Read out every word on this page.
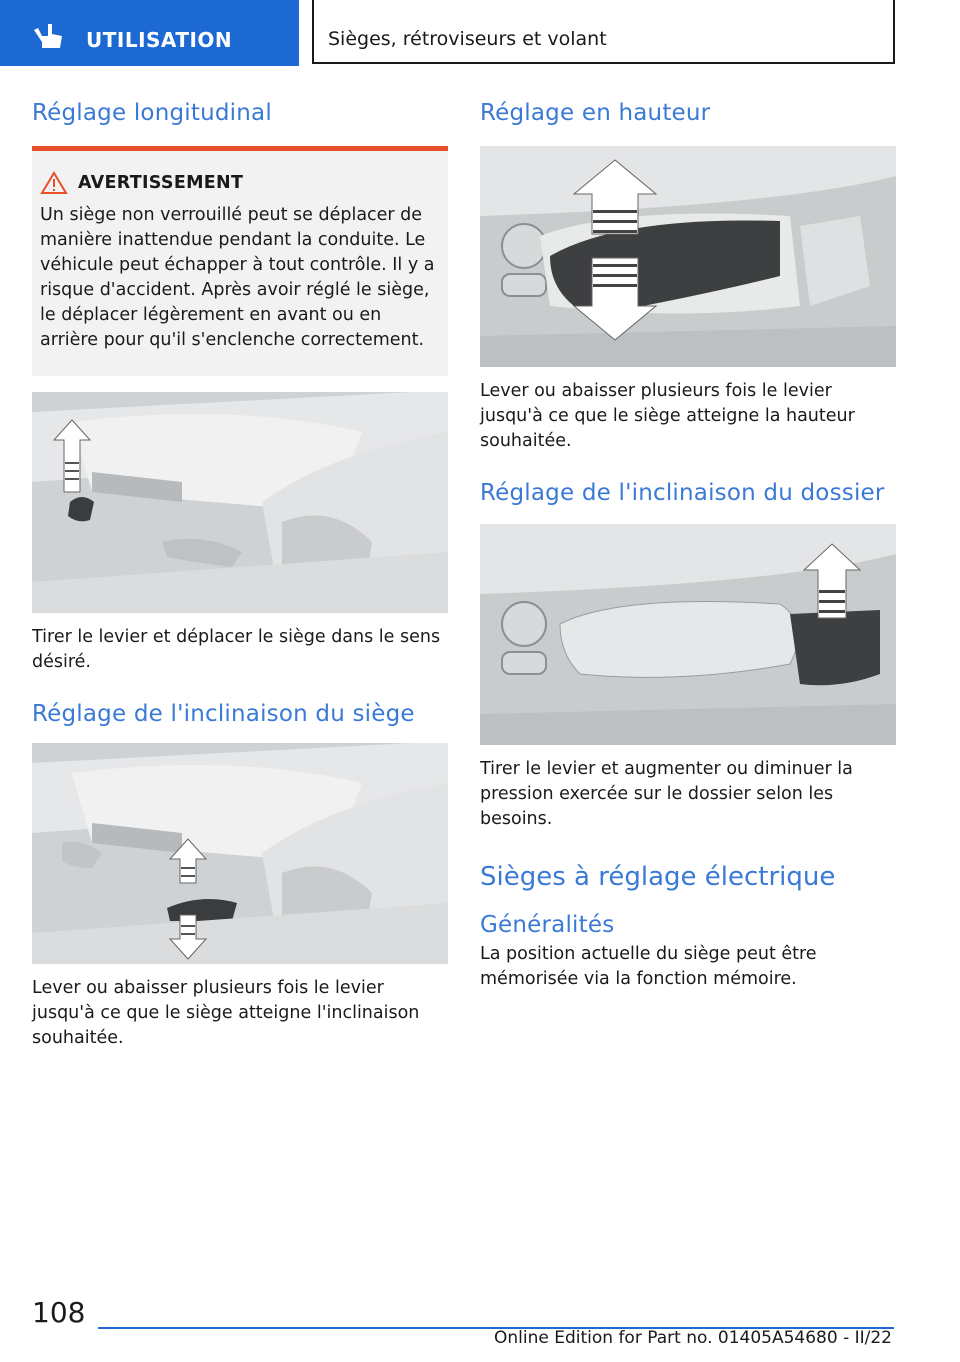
UTILISATION	Sièges, rétroviseurs et volant
Réglage longitudinal
AVERTISSEMENT

Un siège non verrouillé peut se déplacer de manière inattendue pendant la conduite. Le véhicule peut échapper à tout contrôle. Il y a risque d'accident. Après avoir réglé le siège, le déplacer légèrement en avant ou en arrière pour qu'il s'enclenche correctement.

Tirer le levier et déplacer le siège dans le sens désiré.

Réglage de l'inclinaison du siège

Lever ou abaisser plusieurs fois le levier jusqu'à ce que le siège atteigne l'inclinaison souhaitée.

Réglage en hauteur

Lever ou abaisser plusieurs fois le levier jusqu'à ce que le siège atteigne la hauteur souhaitée.

Réglage de l'inclinaison du dossier

Tirer le levier et augmenter ou diminuer la pression exercée sur le dossier selon les besoins.

Sièges à réglage électrique
Généralités

La position actuelle du siège peut être mémorisée via la fonction mémoire.

108
Online Edition for Part no. 01405A54680 - II/22
